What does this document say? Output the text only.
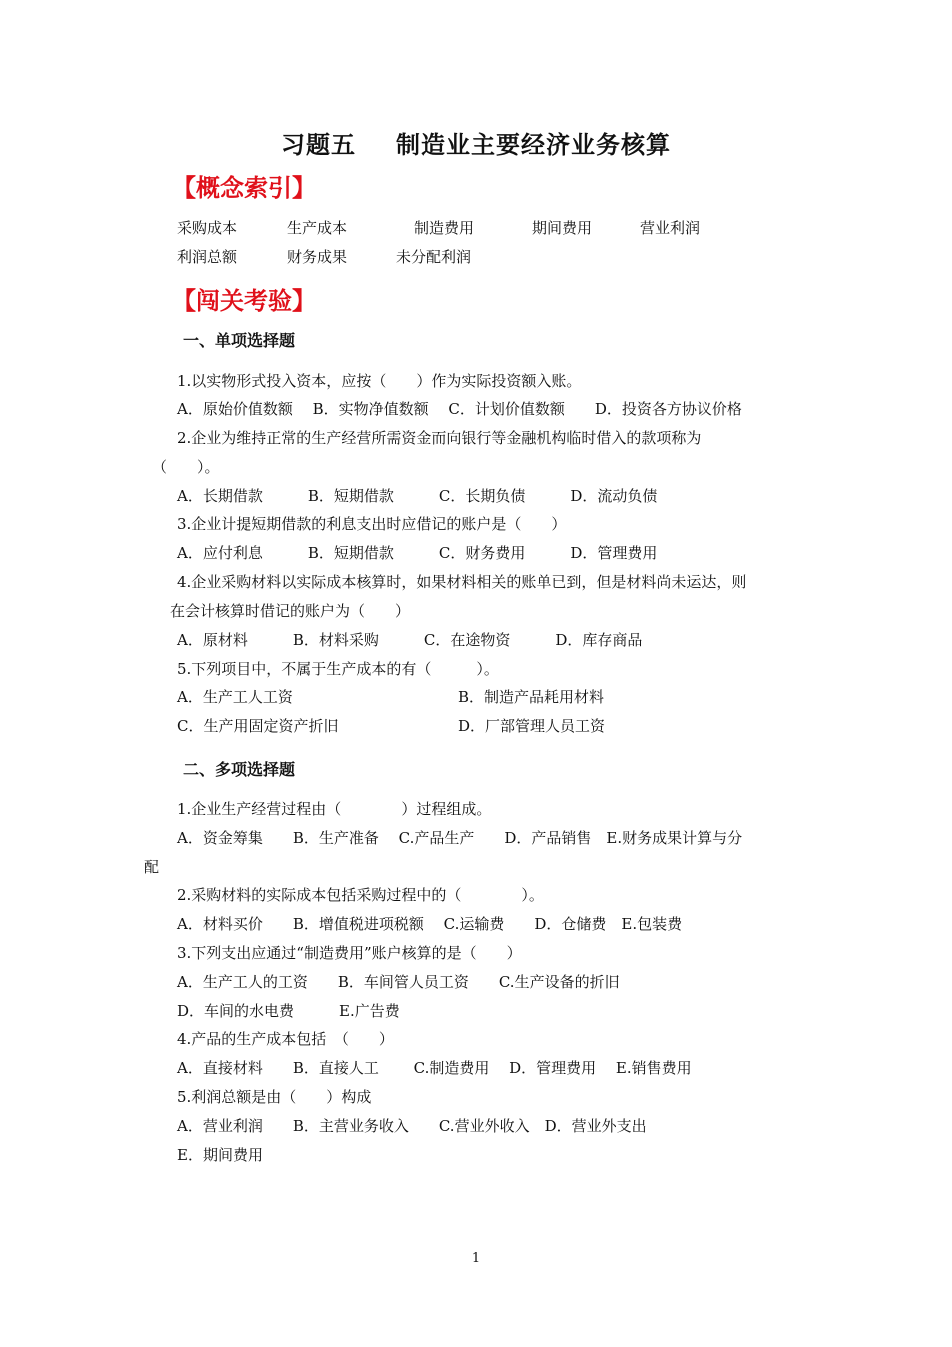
习题五 制造业主要经济业务核算
【概念索引】
采购成本	生产成本	制造费用	期间费用	营业利润
利润总额	财务成果	未分配利润
【闯关考验】
一、单项选择题
1.以实物形式投入资本，应按（　　）作为实际投资额入账。
A．原始价值数额　 B．实物净值数额　 C．计划价值数额　　D．投资各方协议价格
2.企业为维持正常的生产经营所需资金而向银行等金融机构临时借入的款项称为
（　　）。
A．长期借款　　　B．短期借款　　　C．长期负债　　　D．流动负债
3.企业计提短期借款的利息支出时应借记的账户是（　　）
A．应付利息　　　B．短期借款　　　C．财务费用　　　D．管理费用
4.企业采购材料以实际成本核算时，如果材料相关的账单已到，但是材料尚未运达，则
在会计核算时借记的账户为（　　）
A．原材料　　　B．材料采购　　　C．在途物资　　　D．库存商品
5.下列项目中，不属于生产成本的有（　　　）。
A．生产工人工资	B．制造产品耗用材料
C．生产用固定资产折旧	D．厂部管理人员工资
二、多项选择题
1.企业生产经营过程由（　　　　）过程组成。
A．资金筹集　　B．生产准备　 C.产品生产　　D．产品销售　E.财务成果计算与分
配
2.采购材料的实际成本包括采购过程中的（　　　　）。
A．材料买价　　B．增值税进项税额　 C.运输费　　D．仓储费　E.包装费
3.下列支出应通过“制造费用”账户核算的是（　　）
A．生产工人的工资　　B．车间管人员工资　　C.生产设备的折旧
D．车间的水电费　　　E.广告费
4.产品的生产成本包括　（　　）
A．直接材料　　B．直接人工　　 C.制造费用　 D．管理费用　 E.销售费用
5.利润总额是由（　　）构成
A．营业利润　　B．主营业务收入　　C.营业外收入　D．营业外支出
E．期间费用
1
